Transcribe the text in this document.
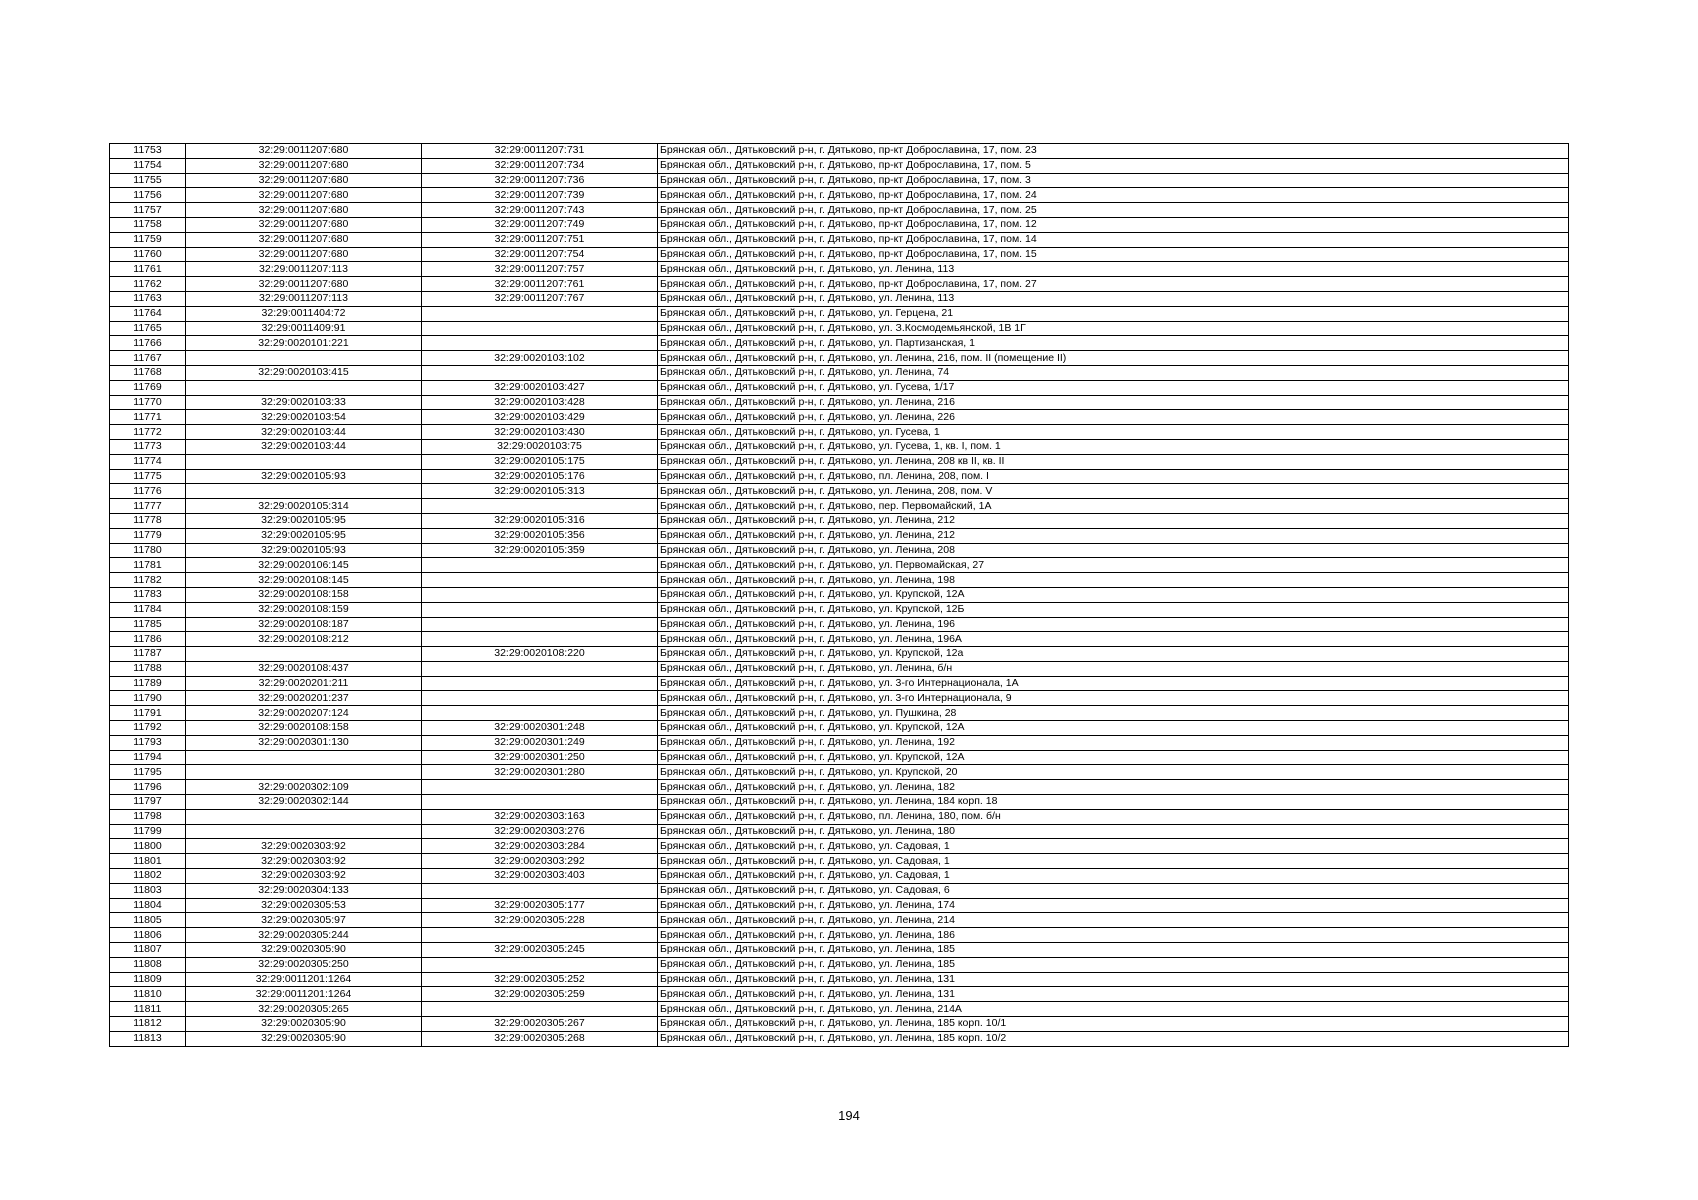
11753	32:29:0011207:680	32:29:0011207:731	Брянская обл., Дятьковский р-н, г. Дятьково, пр-кт Доброславина, 17, пом. 23
11754	32:29:0011207:680	32:29:0011207:734	Брянская обл., Дятьковский р-н, г. Дятьково, пр-кт Доброславина, 17, пом. 5
11755	32:29:0011207:680	32:29:0011207:736	Брянская обл., Дятьковский р-н, г. Дятьково, пр-кт Доброславина, 17, пом. 3
11756	32:29:0011207:680	32:29:0011207:739	Брянская обл., Дятьковский р-н, г. Дятьково, пр-кт Доброславина, 17, пом. 24
11757	32:29:0011207:680	32:29:0011207:743	Брянская обл., Дятьковский р-н, г. Дятьково, пр-кт Доброславина, 17, пом. 25
11758	32:29:0011207:680	32:29:0011207:749	Брянская обл., Дятьковский р-н, г. Дятьково, пр-кт Доброславина, 17, пом. 12
11759	32:29:0011207:680	32:29:0011207:751	Брянская обл., Дятьковский р-н, г. Дятьково, пр-кт Доброславина, 17, пом. 14
11760	32:29:0011207:680	32:29:0011207:754	Брянская обл., Дятьковский р-н, г. Дятьково, пр-кт Доброславина, 17, пом. 15
11761	32:29:0011207:113	32:29:0011207:757	Брянская обл., Дятьковский р-н, г. Дятьково, ул. Ленина, 113
11762	32:29:0011207:680	32:29:0011207:761	Брянская обл., Дятьковский р-н, г. Дятьково, пр-кт Доброславина, 17, пом. 27
11763	32:29:0011207:113	32:29:0011207:767	Брянская обл., Дятьковский р-н, г. Дятьково, ул. Ленина, 113
11764	32:29:0011404:72		Брянская обл., Дятьковский р-н, г. Дятьково, ул. Герцена, 21
11765	32:29:0011409:91		Брянская обл., Дятьковский р-н, г. Дятьково, ул. З.Космодемьянской, 1В 1Г
11766	32:29:0020101:221		Брянская обл., Дятьковский р-н, г. Дятьково, ул. Партизанская, 1
11767		32:29:0020103:102	Брянская обл., Дятьковский р-н, г. Дятьково, ул. Ленина, 216, пом. II (помещение II)
11768	32:29:0020103:415		Брянская обл., Дятьковский р-н, г. Дятьково, ул. Ленина, 74
11769		32:29:0020103:427	Брянская обл., Дятьковский р-н, г. Дятьково, ул. Гусева, 1/17
11770	32:29:0020103:33	32:29:0020103:428	Брянская обл., Дятьковский р-н, г. Дятьково, ул. Ленина, 216
11771	32:29:0020103:54	32:29:0020103:429	Брянская обл., Дятьковский р-н, г. Дятьково, ул. Ленина, 226
11772	32:29:0020103:44	32:29:0020103:430	Брянская обл., Дятьковский р-н, г. Дятьково, ул. Гусева, 1
11773	32:29:0020103:44	32:29:0020103:75	Брянская обл., Дятьковский р-н, г. Дятьково, ул. Гусева, 1, кв. I, пом. 1
11774		32:29:0020105:175	Брянская обл., Дятьковский р-н, г. Дятьково, ул. Ленина, 208 кв II, кв. II
11775	32:29:0020105:93	32:29:0020105:176	Брянская обл., Дятьковский р-н, г. Дятьково, пл. Ленина, 208, пом. I
11776		32:29:0020105:313	Брянская обл., Дятьковский р-н, г. Дятьково, ул. Ленина, 208, пом. V
11777	32:29:0020105:314		Брянская обл., Дятьковский р-н, г. Дятьково, пер. Первомайский, 1А
11778	32:29:0020105:95	32:29:0020105:316	Брянская обл., Дятьковский р-н, г. Дятьково, ул. Ленина, 212
11779	32:29:0020105:95	32:29:0020105:356	Брянская обл., Дятьковский р-н, г. Дятьково, ул. Ленина, 212
11780	32:29:0020105:93	32:29:0020105:359	Брянская обл., Дятьковский р-н, г. Дятьково, ул. Ленина, 208
11781	32:29:0020106:145		Брянская обл., Дятьковский р-н, г. Дятьково, ул. Первомайская, 27
11782	32:29:0020108:145		Брянская обл., Дятьковский р-н, г. Дятьково, ул. Ленина, 198
11783	32:29:0020108:158		Брянская обл., Дятьковский р-н, г. Дятьково, ул. Крупской, 12А
11784	32:29:0020108:159		Брянская обл., Дятьковский р-н, г. Дятьково, ул. Крупской, 12Б
11785	32:29:0020108:187		Брянская обл., Дятьковский р-н, г. Дятьково, ул. Ленина, 196
11786	32:29:0020108:212		Брянская обл., Дятьковский р-н, г. Дятьково, ул. Ленина, 196А
11787		32:29:0020108:220	Брянская обл., Дятьковский р-н, г. Дятьково, ул. Крупской, 12а
11788	32:29:0020108:437		Брянская обл., Дятьковский р-н, г. Дятьково, ул. Ленина, б/н
11789	32:29:0020201:211		Брянская обл., Дятьковский р-н, г. Дятьково, ул. 3-го Интернационала, 1А
11790	32:29:0020201:237		Брянская обл., Дятьковский р-н, г. Дятьково, ул. 3-го Интернационала, 9
11791	32:29:0020207:124		Брянская обл., Дятьковский р-н, г. Дятьково, ул. Пушкина, 28
11792	32:29:0020108:158	32:29:0020301:248	Брянская обл., Дятьковский р-н, г. Дятьково, ул. Крупской, 12А
11793	32:29:0020301:130	32:29:0020301:249	Брянская обл., Дятьковский р-н, г. Дятьково, ул. Ленина, 192
11794		32:29:0020301:250	Брянская обл., Дятьковский р-н, г. Дятьково, ул. Крупской, 12А
11795		32:29:0020301:280	Брянская обл., Дятьковский р-н, г. Дятьково, ул. Крупской, 20
11796	32:29:0020302:109		Брянская обл., Дятьковский р-н, г. Дятьково, ул. Ленина, 182
11797	32:29:0020302:144		Брянская обл., Дятьковский р-н, г. Дятьково, ул. Ленина, 184 корп. 18
11798		32:29:0020303:163	Брянская обл., Дятьковский р-н, г. Дятьково, пл. Ленина, 180, пом. б/н
11799		32:29:0020303:276	Брянская обл., Дятьковский р-н, г. Дятьково, ул. Ленина, 180
11800	32:29:0020303:92	32:29:0020303:284	Брянская обл., Дятьковский р-н, г. Дятьково, ул. Садовая, 1
11801	32:29:0020303:92	32:29:0020303:292	Брянская обл., Дятьковский р-н, г. Дятьково, ул. Садовая, 1
11802	32:29:0020303:92	32:29:0020303:403	Брянская обл., Дятьковский р-н, г. Дятьково, ул. Садовая, 1
11803	32:29:0020304:133		Брянская обл., Дятьковский р-н, г. Дятьково, ул. Садовая, 6
11804	32:29:0020305:53	32:29:0020305:177	Брянская обл., Дятьковский р-н, г. Дятьково, ул. Ленина, 174
11805	32:29:0020305:97	32:29:0020305:228	Брянская обл., Дятьковский р-н, г. Дятьково, ул. Ленина, 214
11806	32:29:0020305:244		Брянская обл., Дятьковский р-н, г. Дятьково, ул. Ленина, 186
11807	32:29:0020305:90	32:29:0020305:245	Брянская обл., Дятьковский р-н, г. Дятьково, ул. Ленина, 185
11808	32:29:0020305:250		Брянская обл., Дятьковский р-н, г. Дятьково, ул. Ленина, 185
11809	32:29:0011201:1264	32:29:0020305:252	Брянская обл., Дятьковский р-н, г. Дятьково, ул. Ленина, 131
11810	32:29:0011201:1264	32:29:0020305:259	Брянская обл., Дятьковский р-н, г. Дятьково, ул. Ленина, 131
11811	32:29:0020305:265		Брянская обл., Дятьковский р-н, г. Дятьково, ул. Ленина, 214А
11812	32:29:0020305:90	32:29:0020305:267	Брянская обл., Дятьковский р-н, г. Дятьково, ул. Ленина, 185 корп. 10/1
11813	32:29:0020305:90	32:29:0020305:268	Брянская обл., Дятьковский р-н, г. Дятьково, ул. Ленина, 185 корп. 10/2
194
